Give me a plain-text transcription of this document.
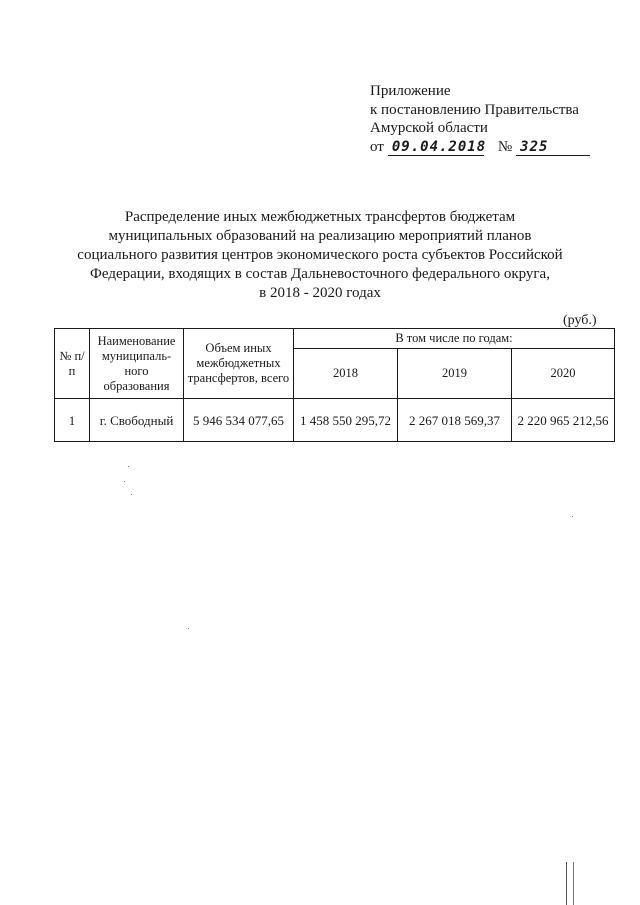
Приложение
к постановлению Правительства
Амурской области
от 09.04.2018 № 325
Распределение иных межбюджетных трансфертов бюджетам
муниципальных образований на реализацию мероприятий планов
социального развития центров экономического роста субъектов Российской
Федерации, входящих в состав Дальневосточного федерального округа,
в 2018 - 2020 годах
(руб.)
№ п/п	Наименование муниципаль-ного образования	Объем иных межбюджетных трансфертов, всего	В том числе по годам:		
			2018	2019	2020
1	г. Свободный	5 946 534 077,65	1 458 550 295,72	2 267 018 569,37	2 220 965 212,56
